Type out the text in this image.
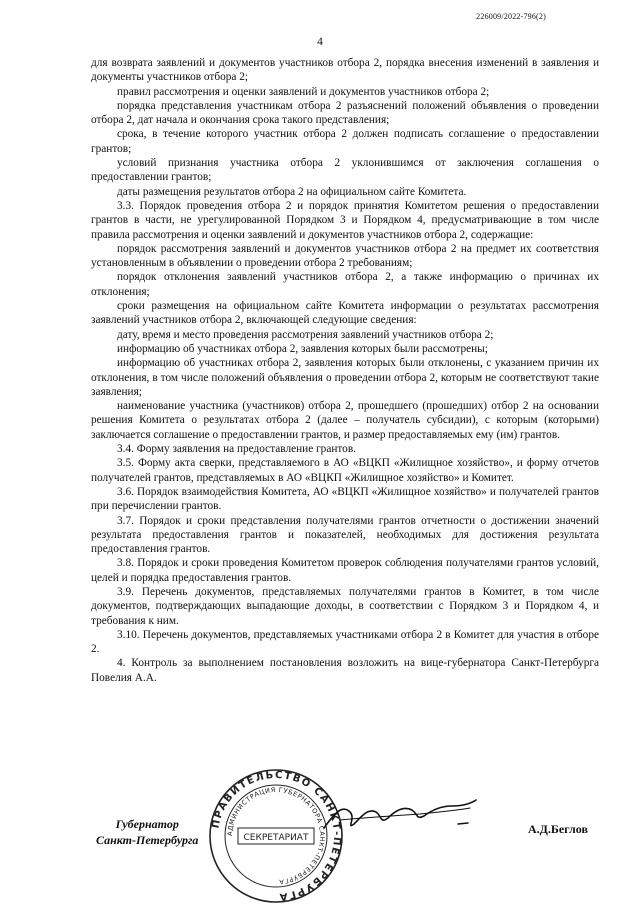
226009/2022-796(2)
4

для возврата заявлений и документов участников отбора 2, порядка внесения изменений в заявления и документы участников отбора 2;

правил рассмотрения и оценки заявлений и документов участников отбора 2;

порядка представления участникам отбора 2 разъяснений положений объявления о проведении отбора 2, дат начала и окончания срока такого представления;

срока, в течение которого участник отбора 2 должен подписать соглашение о предоставлении грантов;

условий признания участника отбора 2 уклонившимся от заключения соглашения о предоставлении грантов;

даты размещения результатов отбора 2 на официальном сайте Комитета.

3.3. Порядок проведения отбора 2 и порядок принятия Комитетом решения о предоставлении грантов в части, не урегулированной Порядком 3 и Порядком 4, предусматривающие в том числе правила рассмотрения и оценки заявлений и документов участников отбора 2, содержащие:

порядок рассмотрения заявлений и документов участников отбора 2 на предмет их соответствия установленным в объявлении о проведении отбора 2 требованиям;

порядок отклонения заявлений участников отбора 2, а также информацию о причинах их отклонения;

сроки размещения на официальном сайте Комитета информации о результатах рассмотрения заявлений участников отбора 2, включающей следующие сведения:

дату, время и место проведения рассмотрения заявлений участников отбора 2;

информацию об участниках отбора 2, заявления которых были рассмотрены;

информацию об участниках отбора 2, заявления которых были отклонены, с указанием причин их отклонения, в том числе положений объявления о проведении отбора 2, которым не соответствуют такие заявления;

наименование участника (участников) отбора 2, прошедшего (прошедших) отбор 2 на основании решения Комитета о результатах отбора 2 (далее – получатель субсидии), с которым (которыми) заключается соглашение о предоставлении грантов, и размер предоставляемых ему (им) грантов.

3.4. Форму заявления на предоставление грантов.

3.5. Форму акта сверки, представляемого в АО «ВЦКП «Жилищное хозяйство», и форму отчетов получателей грантов, представляемых в АО «ВЦКП «Жилищное хозяйство» и Комитет.

3.6. Порядок взаимодействия Комитета, АО «ВЦКП «Жилищное хозяйство» и получателей грантов при перечислении грантов.

3.7. Порядок и сроки представления получателями грантов отчетности о достижении значений результата предоставления грантов и показателей, необходимых для достижения результата предоставления грантов.

3.8. Порядок и сроки проведения Комитетом проверок соблюдения получателями грантов условий, целей и порядка предоставления грантов.

3.9. Перечень документов, представляемых получателями грантов в Комитет, в том числе документов, подтверждающих выпадающие доходы, в соответствии с Порядком 3 и Порядком 4, и требования к ним.

3.10. Перечень документов, представляемых участниками отбора 2 в Комитет для участия в отборе 2.

4. Контроль за выполнением постановления возложить на вице-губернатора Санкт-Петербурга Повелия А.А.

Губернатор
Санкт-Петербурга
ПРАВИТЕЛЬСТВО САНКТ-ПЕТЕРБУРГА
АДМИНИСТРАЦИЯ ГУБЕРНАТОРА САНКТ-ПЕТЕРБУРГА
СЕКРЕТАРИАТ
А.Д.Беглов
